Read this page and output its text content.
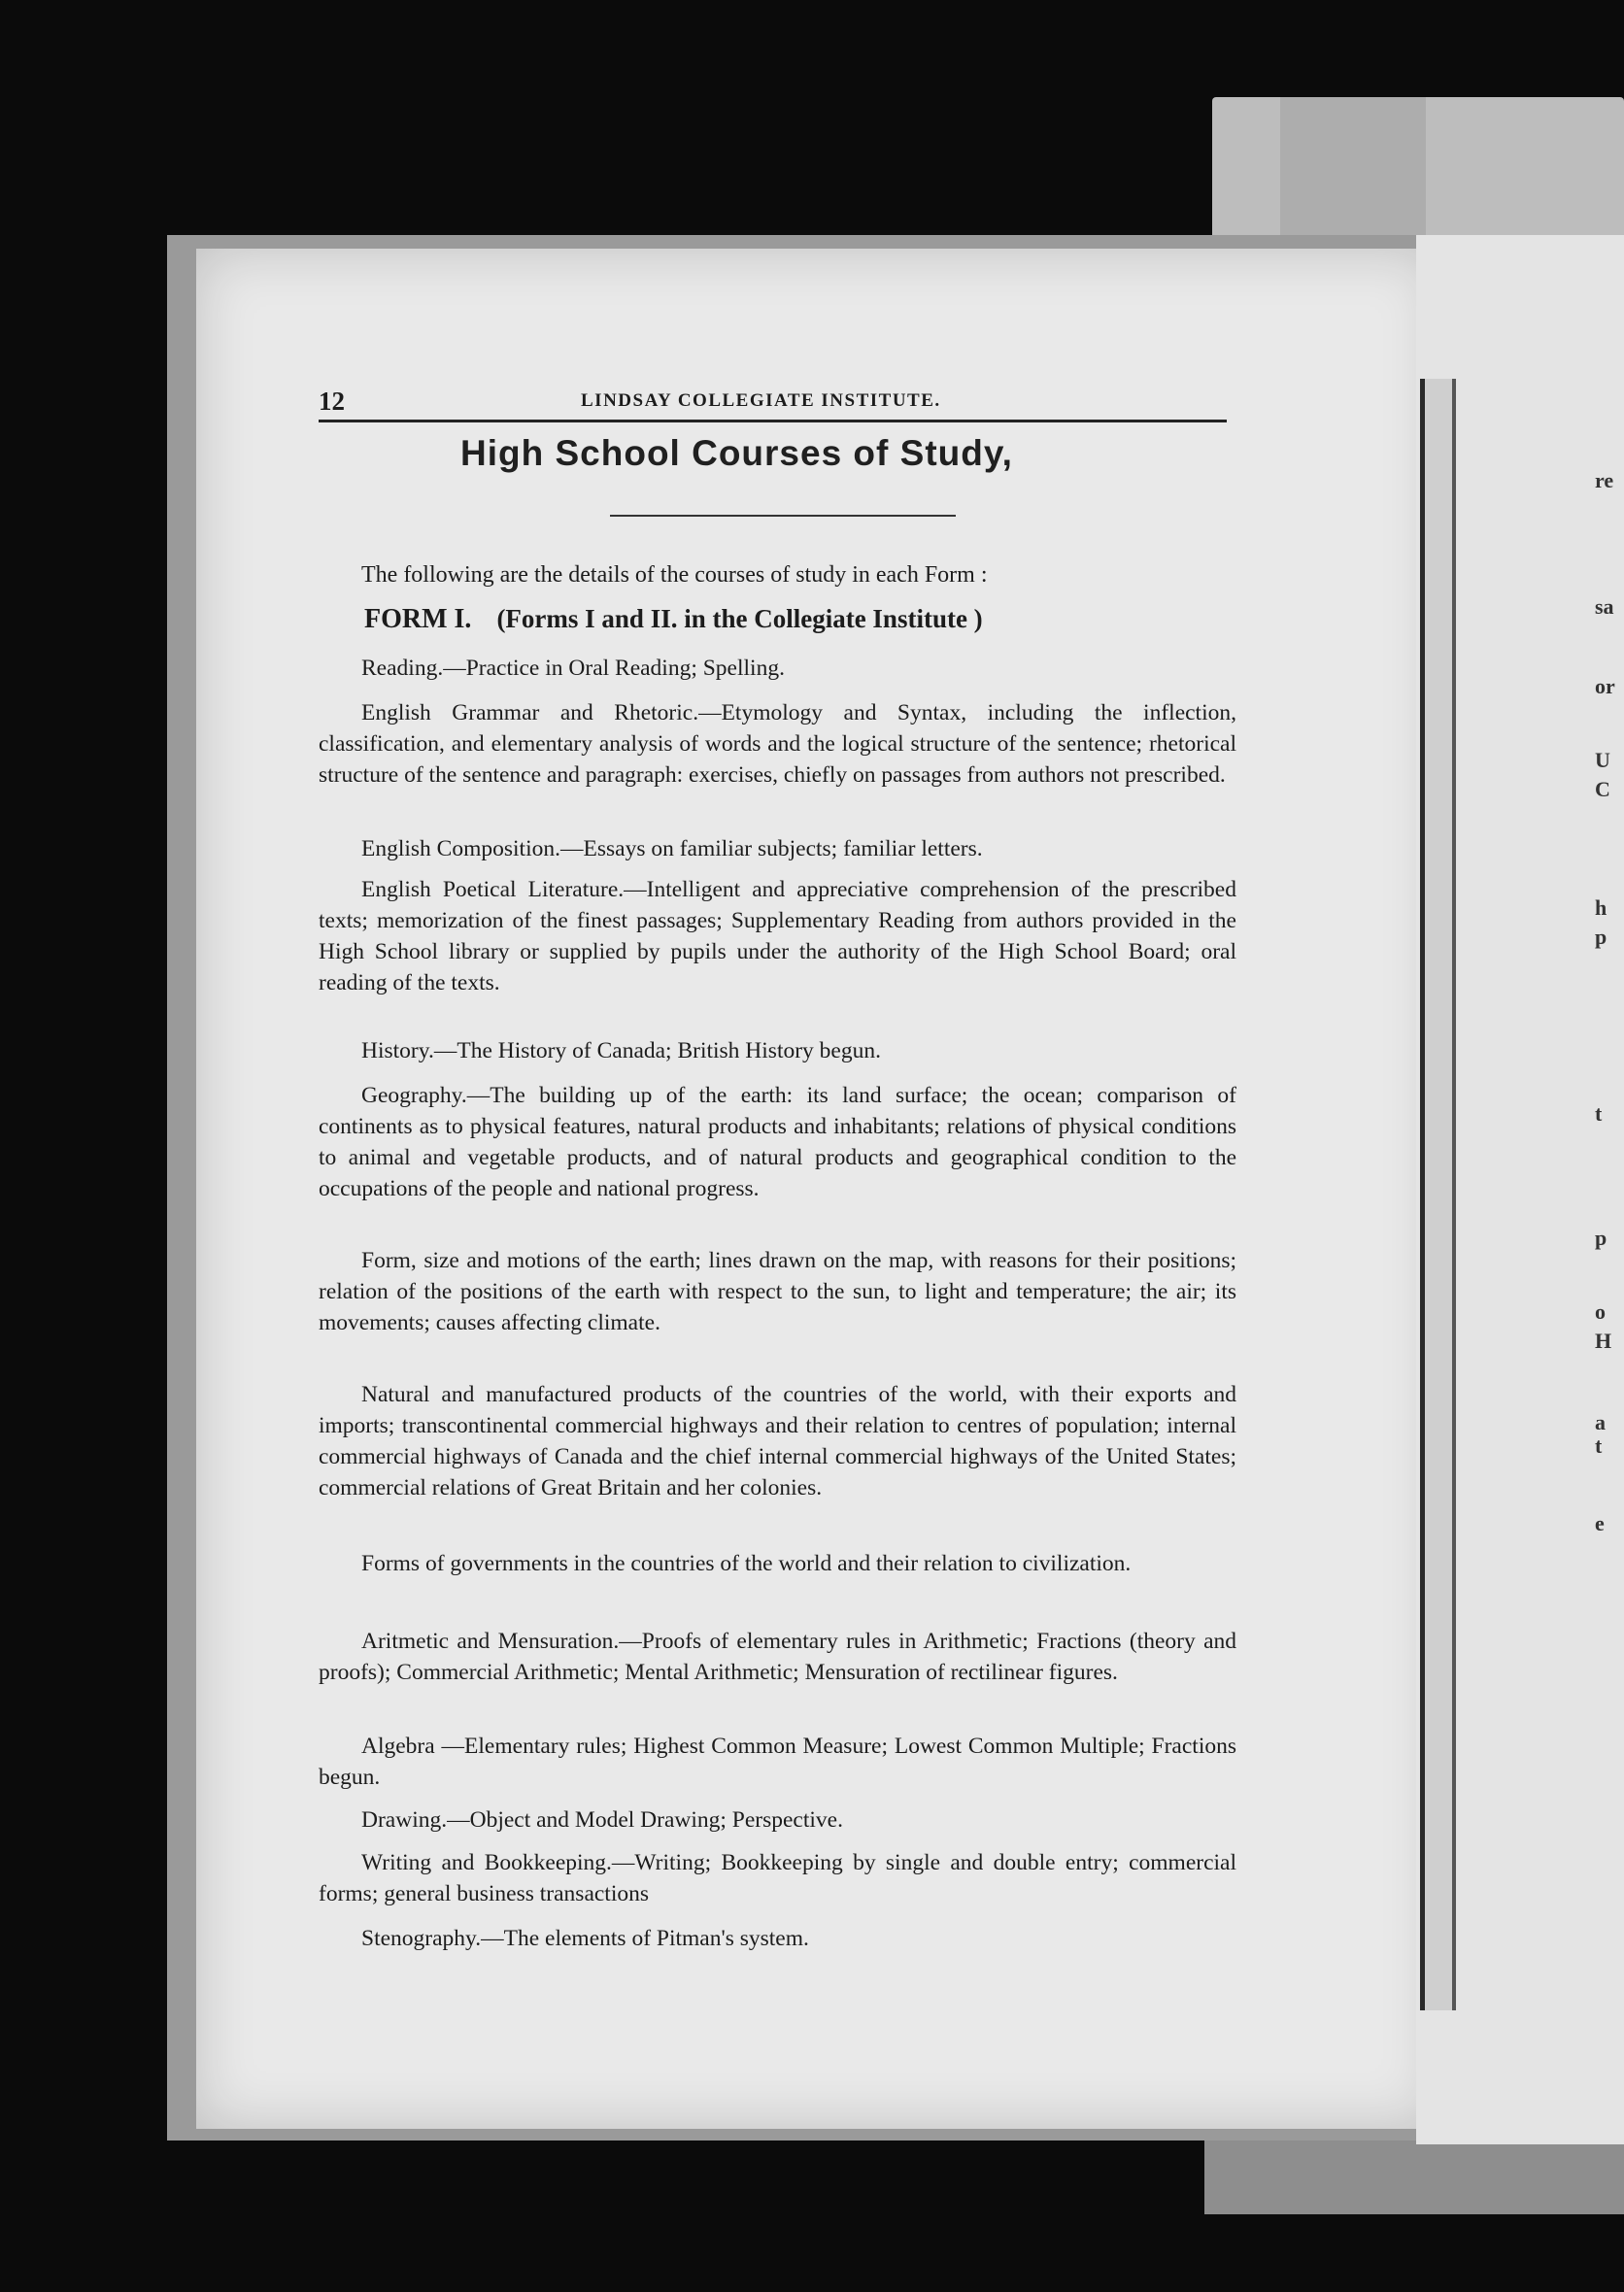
re
sa
or
U
C
h
p
t
p
o
H
a
t
e
12	LINDSAY COLLEGIATE INSTITUTE.
High School Courses of Study,
The following are the details of the courses of study in each Form :
FORM I. (Forms I and II. in the Collegiate Institute )
Reading.—Practice in Oral Reading; Spelling.
English Grammar and Rhetoric.—Etymology and Syntax, including the inflection, classification, and elementary analysis of words and the logical structure of the sentence; rhetorical structure of the sentence and paragraph: exercises, chiefly on passages from authors not prescribed.
English Composition.—Essays on familiar subjects; familiar letters.
English Poetical Literature.—Intelligent and appreciative comprehension of the prescribed texts; memorization of the finest passages; Supplementary Reading from authors provided in the High School library or supplied by pupils under the authority of the High School Board; oral reading of the texts.
History.—The History of Canada; British History begun.
Geography.—The building up of the earth: its land surface; the ocean; comparison of continents as to physical features, natural products and inhabitants; relations of physical conditions to animal and vegetable products, and of natural products and geographical condition to the occupations of the people and national progress.
Form, size and motions of the earth; lines drawn on the map, with reasons for their positions; relation of the positions of the earth with respect to the sun, to light and temperature; the air; its movements; causes affecting climate.
Natural and manufactured products of the countries of the world, with their exports and imports; transcontinental commercial highways and their relation to centres of population; internal commercial highways of Canada and the chief internal commercial highways of the United States; commercial relations of Great Britain and her colonies.
Forms of governments in the countries of the world and their relation to civilization.
Aritmetic and Mensuration.—Proofs of elementary rules in Arithmetic; Fractions (theory and proofs); Commercial Arithmetic; Mental Arithmetic; Mensuration of rectilinear figures.
Algebra —Elementary rules; Highest Common Measure; Lowest Common Multiple; Fractions begun.
Drawing.—Object and Model Drawing; Perspective.
Writing and Bookkeeping.—Writing; Bookkeeping by single and double entry; commercial forms; general business transactions
Stenography.—The elements of Pitman's system.
